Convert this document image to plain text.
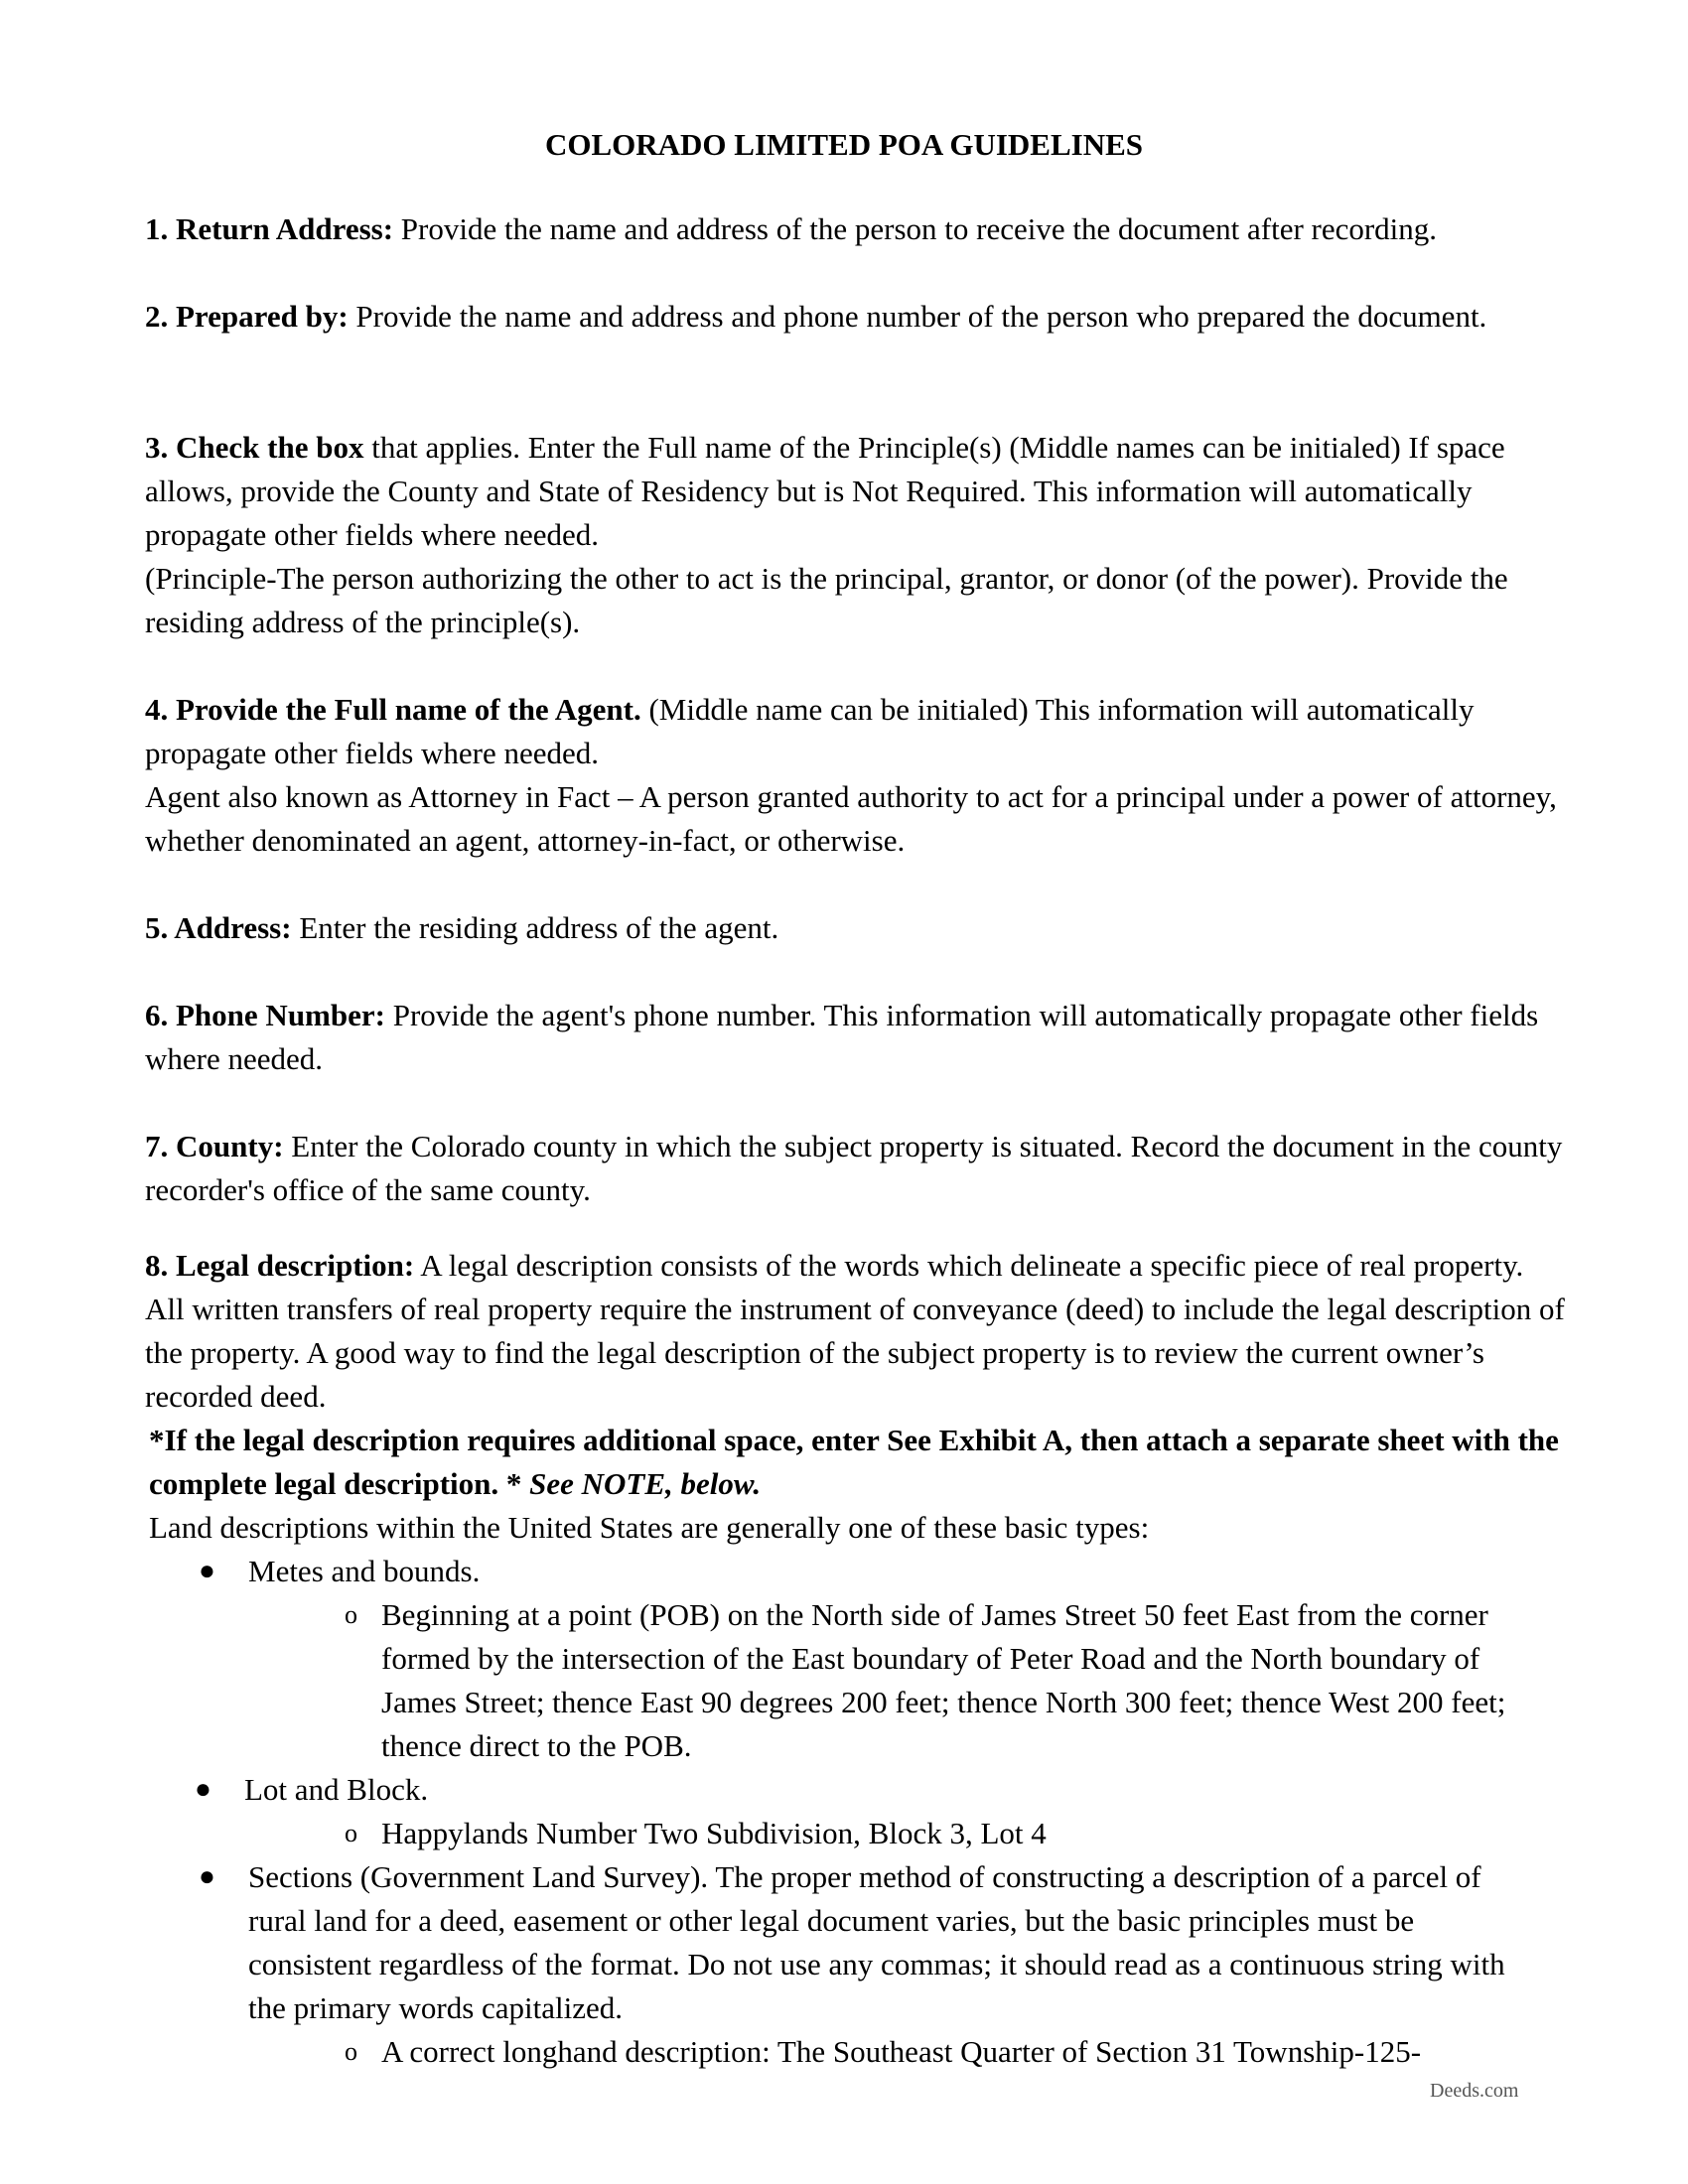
COLORADO LIMITED POA GUIDELINES

1. Return Address: Provide the name and address of the person to receive the document after recording.

2. Prepared by: Provide the name and address and phone number of the person who prepared the document.

3. Check the box that applies. Enter the Full name of the Principle(s) (Middle names can be initialed) If space allows, provide the County and State of Residency but is Not Required. This information will automatically propagate other fields where needed.
(Principle-The person authorizing the other to act is the principal, grantor, or donor (of the power). Provide the residing address of the principle(s).

4. Provide the Full name of the Agent. (Middle name can be initialed) This information will automatically propagate other fields where needed.
Agent also known as Attorney in Fact – A person granted authority to act for a principal under a power of attorney, whether denominated an agent, attorney-in-fact, or otherwise.

5. Address: Enter the residing address of the agent.

6. Phone Number: Provide the agent's phone number. This information will automatically propagate other fields where needed.

7. County: Enter the Colorado county in which the subject property is situated. Record the document in the county recorder's office of the same county.

8. Legal description: A legal description consists of the words which delineate a specific piece of real property. All written transfers of real property require the instrument of conveyance (deed) to include the legal description of the property. A good way to find the legal description of the subject property is to review the current owner’s recorded deed.

*If the legal description requires additional space, enter See Exhibit A, then attach a separate sheet with the complete legal description. * See NOTE, below.
Land descriptions within the United States are generally one of these basic types:
● Metes and bounds.
o Beginning at a point (POB) on the North side of James Street 50 feet East from the corner formed by the intersection of the East boundary of Peter Road and the North boundary of James Street; thence East 90 degrees 200 feet; thence North 300 feet; thence West 200 feet; thence direct to the POB.
● Lot and Block.
o Happylands Number Two Subdivision, Block 3, Lot 4
● Sections (Government Land Survey). The proper method of constructing a description of a parcel of rural land for a deed, easement or other legal document varies, but the basic principles must be consistent regardless of the format. Do not use any commas; it should read as a continuous string with the primary words capitalized.
o A correct longhand description: The Southeast Quarter of Section 31 Township-125-
Deeds.com
